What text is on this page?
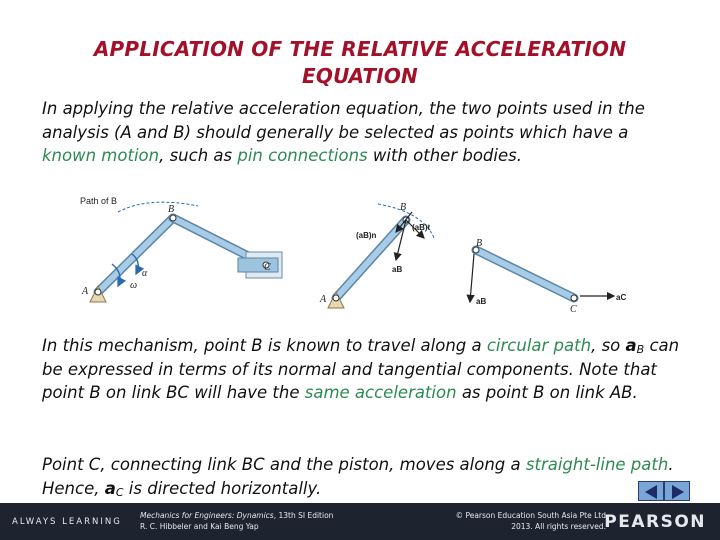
APPLICATION OF THE RELATIVE ACCELERATION
EQUATION
In applying the relative acceleration equation, the two points used in the analysis (A and B) should generally be selected as points which have a known motion, such as pin connections with other bodies.
Path of B
A
B
C
ω
α
A
B
(aB)n
(aB)t
aB
B
C
aB	aC
In this mechanism, point B is known to travel along a circular path, so $a_B$ can be expressed in terms of its normal and tangential components. Note that point B on link BC will have the same acceleration as point B on link AB.
Point C, connecting link BC and the piston, moves along a straight-line path. Hence, $a_C$ is directed horizontally.
ALWAYS LEARNING
Mechanics for Engineers: Dynamics, 13th SI Edition
R. C. Hibbeler and Kai Beng Yap
© Pearson Education South Asia Pte Ltd
2013. All rights reserved.
PEARSON
